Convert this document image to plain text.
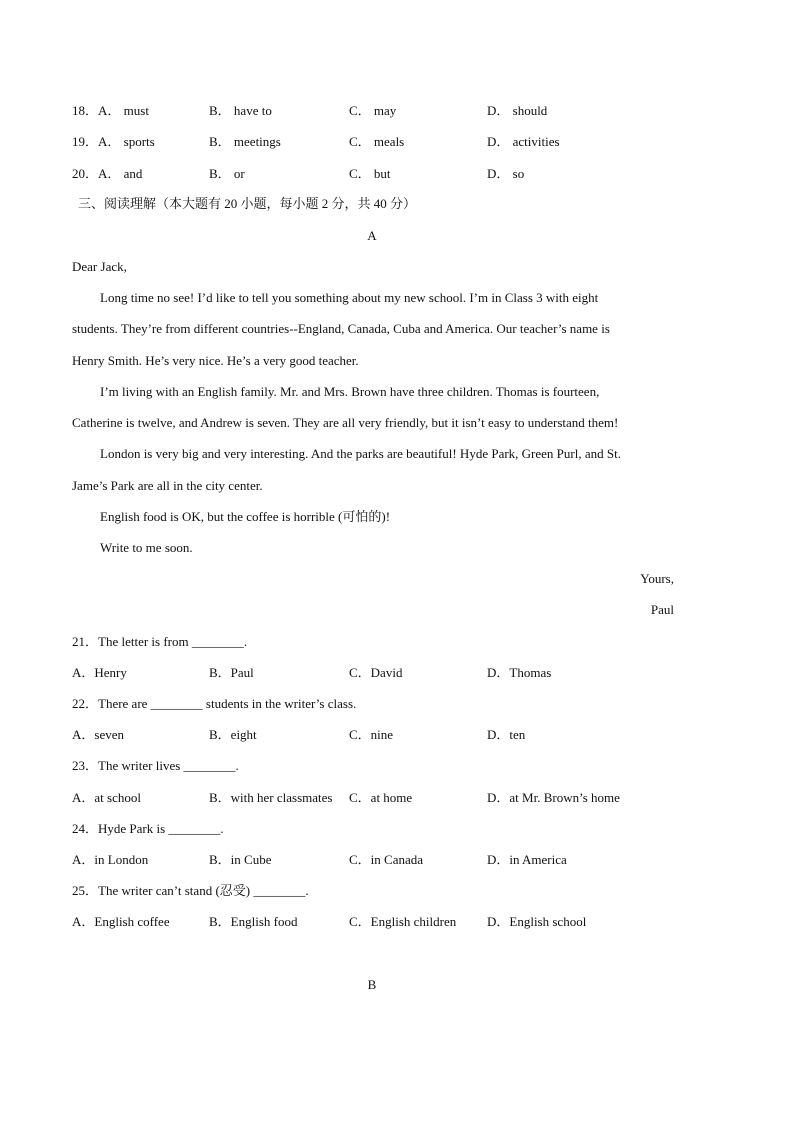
18．A． must	B． have to	C． may	D． should
19．A． sports	B． meetings	C． meals	D． activities
20．A． and	B． or	C． but	D． so
三、阅读理解（本大题有 20 小题，每小题 2 分，共 40 分）
A
Dear Jack,
Long time no see! I’d like to tell you something about my new school. I’m in Class 3 with eight
students. They’re from different countries--England, Canada, Cuba and America. Our teacher’s name is
Henry Smith. He’s very nice. He’s a very good teacher.
I’m living with an English family. Mr. and Mrs. Brown have three children. Thomas is fourteen,
Catherine is twelve, and Andrew is seven. They are all very friendly, but it isn’t easy to understand them!
London is very big and very interesting. And the parks are beautiful! Hyde Park, Green Purl, and St.
Jame’s Park are all in the city center.
English food is OK, but the coffee is horrible (可怕的)!
Write to me soon.
Yours,
Paul
21．The letter is from ________.
A．Henry	B．Paul	C．David	D．Thomas
22．There are ________ students in the writer’s class.
A．seven	B．eight	C．nine	D．ten
23．The writer lives ________.
A．at school	B．with her classmates C．at home	D．at Mr. Brown’s home
24．Hyde Park is ________.
A．in London	B．in Cube	C．in Canada	D．in America
25．The writer can’t stand (忍受) ________.
A．English coffee	B．English food	C．English children D．English school
B
